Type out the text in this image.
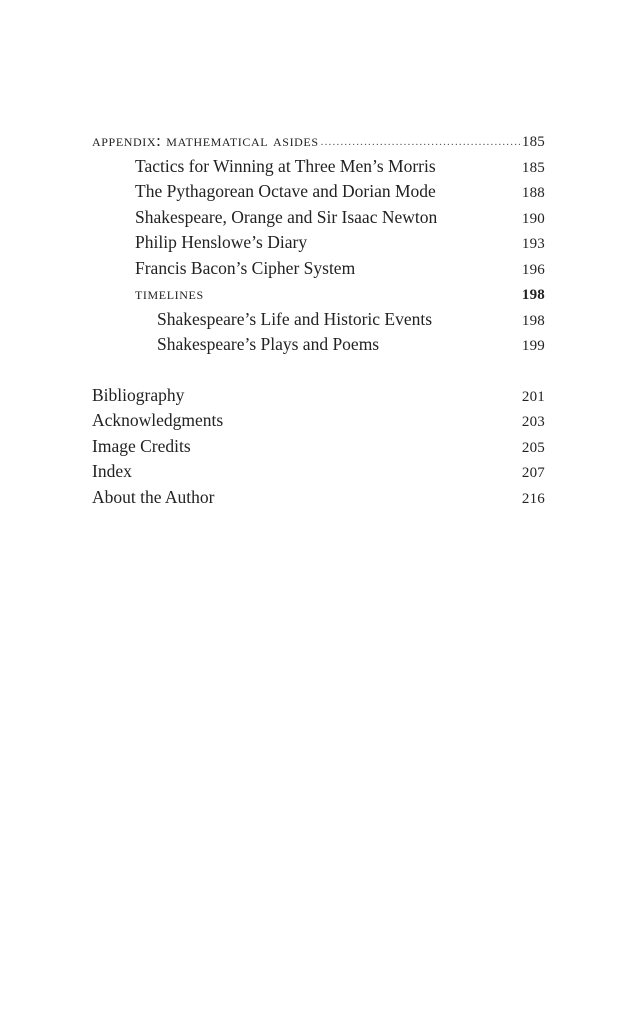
appendix: mathematical asides .....	185
Tactics for Winning at Three Men’s Morris	185
The Pythagorean Octave and Dorian Mode	188
Shakespeare, Orange and Sir Isaac Newton	190
Philip Henslowe’s Diary	193
Francis Bacon’s Cipher System	196
timelines	198
Shakespeare’s Life and Historic Events	198
Shakespeare’s Plays and Poems	199
Bibliography	201
Acknowledgments	203
Image Credits	205
Index	207
About the Author	216
